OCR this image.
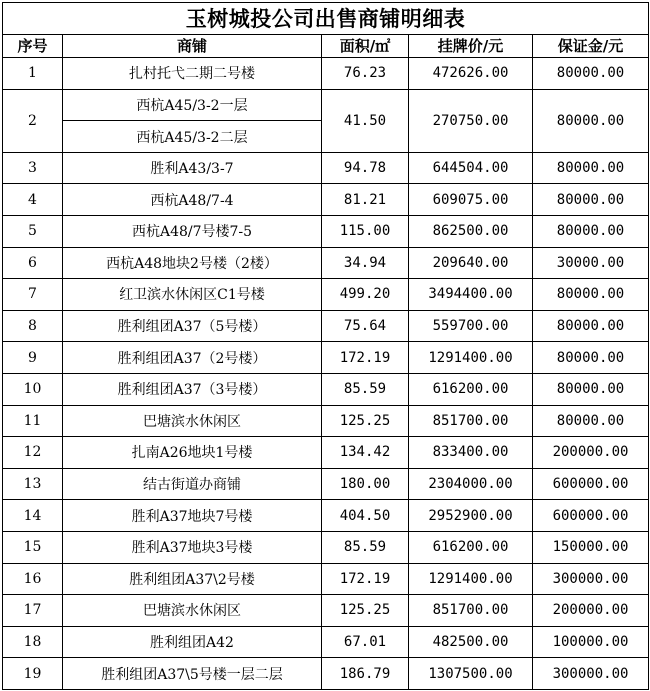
玉树城投公司出售商铺明细表				
序号	商铺	面积/㎡	挂牌价/元	保证金/元
1	扎村托弋二期二号楼	76.23	472626.00	80000.00
2	西杭A45/3-2一层	41.50	270750.00	80000.00
	西杭A45/3-2二层			
3	胜利A43/3-7	94.78	644504.00	80000.00
4	西杭A48/7-4	81.21	609075.00	80000.00
5	西杭A48/7号楼7-5	115.00	862500.00	80000.00
6	西杭A48地块2号楼（2楼）	34.94	209640.00	30000.00
7	红卫滨水休闲区C1号楼	499.20	3494400.00	80000.00
8	胜利组团A37（5号楼）	75.64	559700.00	80000.00
9	胜利组团A37（2号楼）	172.19	1291400.00	80000.00
10	胜利组团A37（3号楼）	85.59	616200.00	80000.00
11	巴塘滨水休闲区	125.25	851700.00	80000.00
12	扎南A26地块1号楼	134.42	833400.00	200000.00
13	结古街道办商铺	180.00	2304000.00	600000.00
14	胜利A37地块7号楼	404.50	2952900.00	600000.00
15	胜利A37地块3号楼	85.59	616200.00	150000.00
16	胜利组团A37\2号楼	172.19	1291400.00	300000.00
17	巴塘滨水休闲区	125.25	851700.00	200000.00
18	胜利组团A42	67.01	482500.00	100000.00
19	胜利组团A37\5号楼一层二层	186.79	1307500.00	300000.00
